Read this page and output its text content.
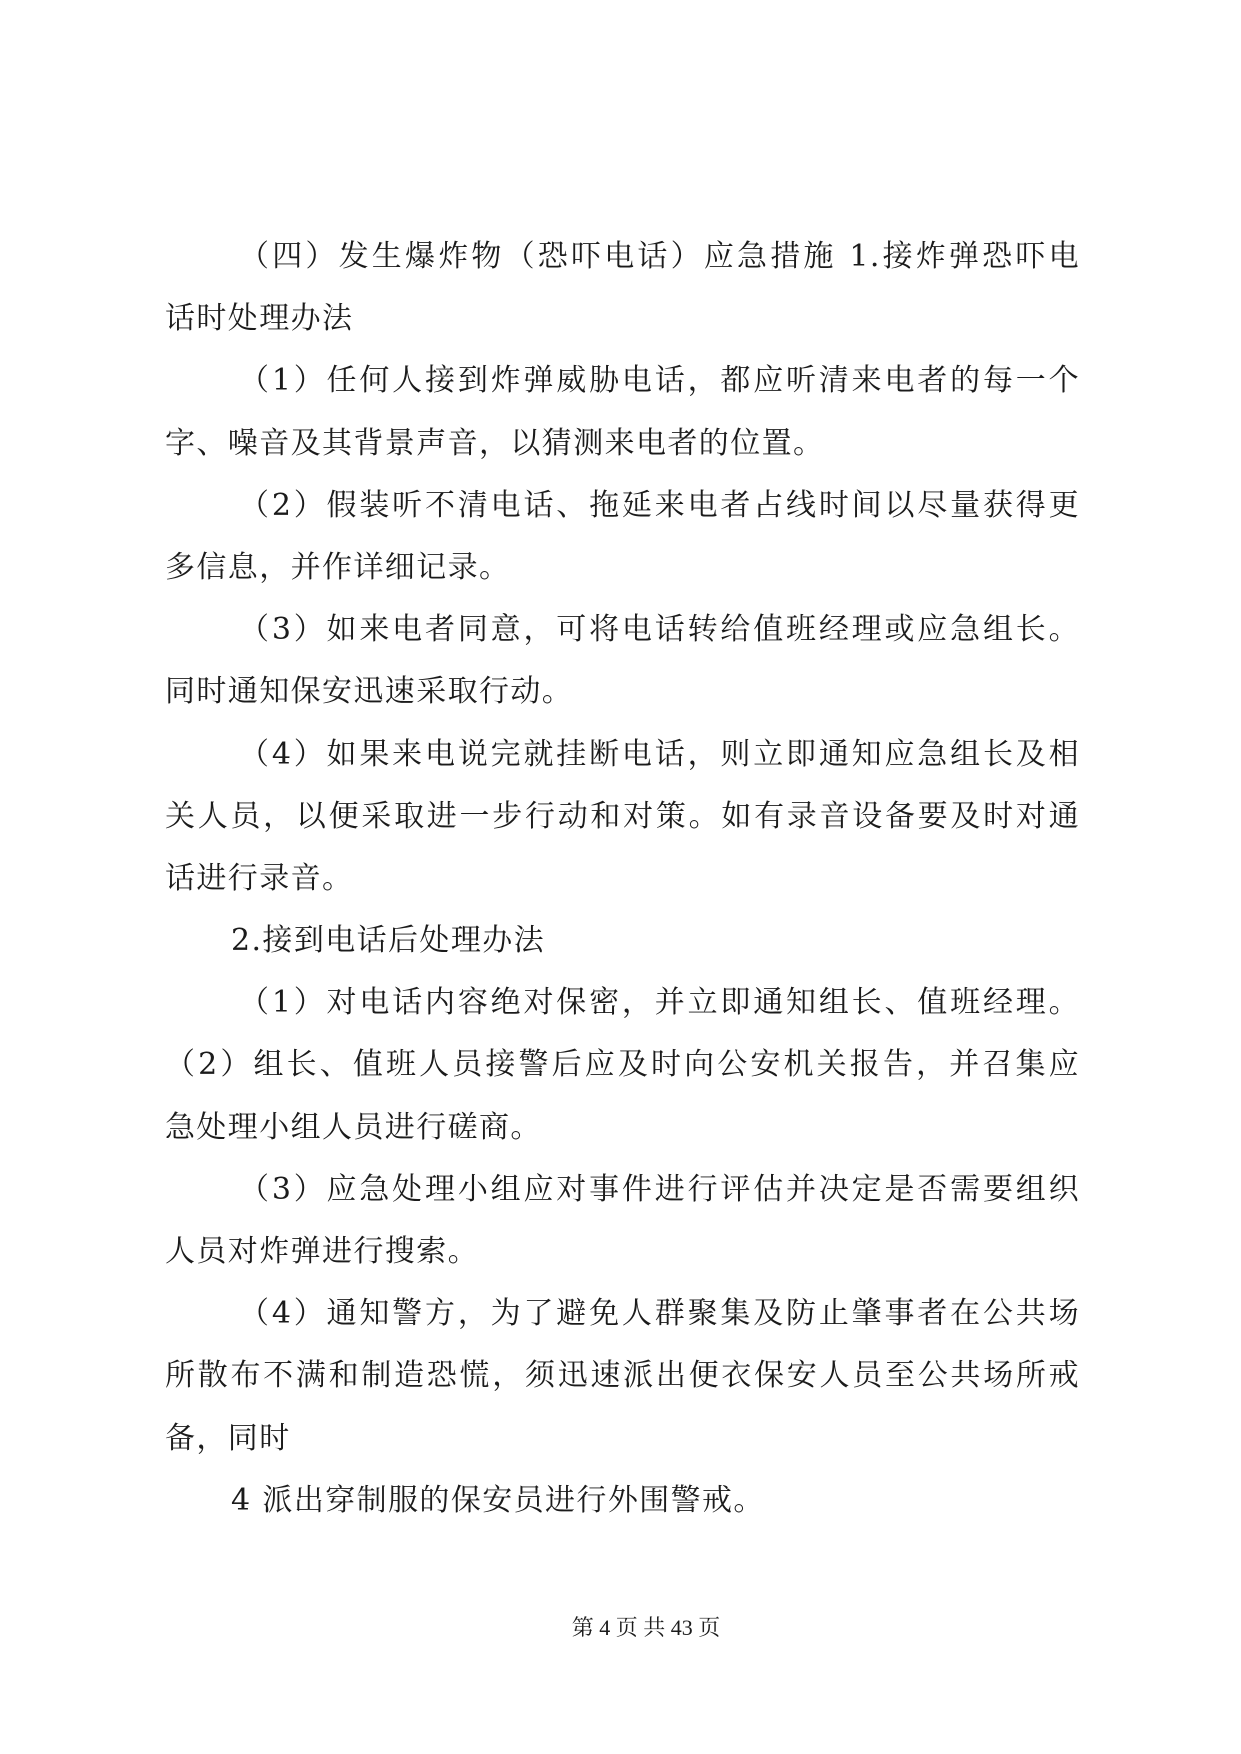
（四）发生爆炸物（恐吓电话）应急措施 1.接炸弹恐吓电
话时处理办法
（1）任何人接到炸弹威胁电话，都应听清来电者的每一个
字、噪音及其背景声音，以猜测来电者的位置。
（2）假装听不清电话、拖延来电者占线时间以尽量获得更
多信息，并作详细记录。
（3）如来电者同意，可将电话转给值班经理或应急组长。
同时通知保安迅速采取行动。
（4）如果来电说完就挂断电话，则立即通知应急组长及相
关人员，以便采取进一步行动和对策。如有录音设备要及时对通
话进行录音。
2.接到电话后处理办法
（1）对电话内容绝对保密，并立即通知组长、值班经理。
（2）组长、值班人员接警后应及时向公安机关报告，并召集应
急处理小组人员进行磋商。
（3）应急处理小组应对事件进行评估并决定是否需要组织
人员对炸弹进行搜索。
（4）通知警方，为了避免人群聚集及防止肇事者在公共场
所散布不满和制造恐慌，须迅速派出便衣保安人员至公共场所戒
备，同时
4 派出穿制服的保安员进行外围警戒。
第 4 页 共 43 页
